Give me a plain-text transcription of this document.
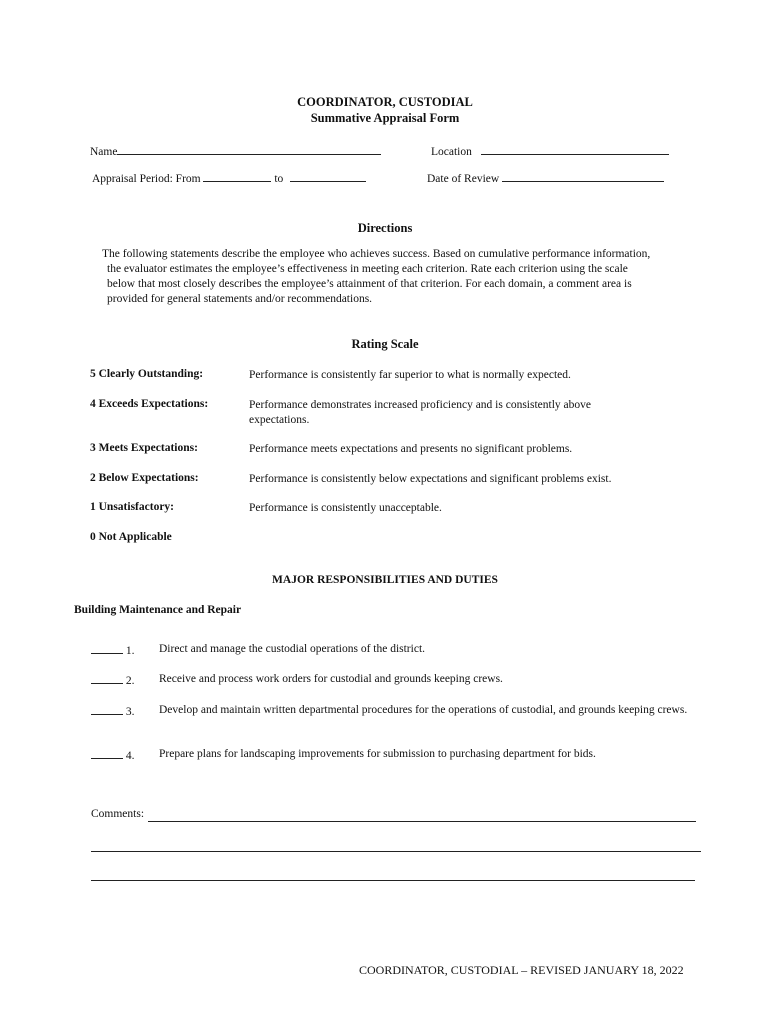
COORDINATOR, CUSTODIAL
Summative Appraisal Form
Name	Location
Appraisal Period: From	to	Date of Review
Directions
The following statements describe the employee who achieves success. Based on cumulative performance information,
the evaluator estimates the employee’s effectiveness in meeting each criterion. Rate each criterion using the scale
below that most closely describes the employee’s attainment of that criterion. For each domain, a comment area is
provided for general statements and/or recommendations.
Rating Scale
5 Clearly Outstanding:	Performance is consistently far superior to what is normally expected.
4 Exceeds Expectations:	Performance demonstrates increased proficiency and is consistently above expectations.
3 Meets Expectations:	Performance meets expectations and presents no significant problems.
2 Below Expectations:	Performance is consistently below expectations and significant problems exist.
1 Unsatisfactory:	Performance is consistently unacceptable.
0 Not Applicable
MAJOR RESPONSIBILITIES AND DUTIES
Building Maintenance and Repair
1. Direct and manage the custodial operations of the district.
2. Receive and process work orders for custodial and grounds keeping crews.
3. Develop and maintain written departmental procedures for the operations of custodial, and grounds keeping crews.
4. Prepare plans for landscaping improvements for submission to purchasing department for bids.
Comments:
COORDINATOR, CUSTODIAL – REVISED JANUARY 18, 2022
